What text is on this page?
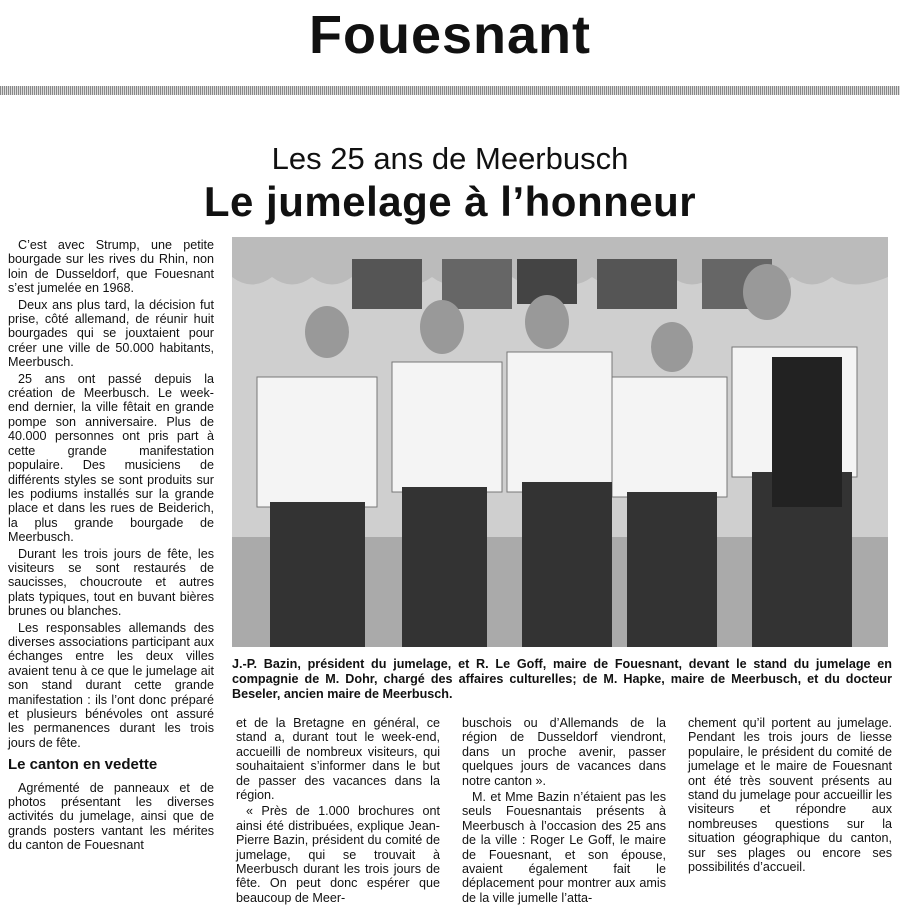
Fouesnant
Les 25 ans de Meerbusch
Le jumelage à l’honneur

C’est avec Strump, une petite bourgade sur les rives du Rhin, non loin de Dusseldorf, que Fouesnant s’est jumelée en 1968.

Deux ans plus tard, la décision fut prise, côté allemand, de réunir huit bourgades qui se jouxtaient pour créer une ville de 50.000 habitants, Meerbusch.

25 ans ont passé depuis la création de Meerbusch. Le week-end dernier, la ville fêtait en grande pompe son anniversaire. Plus de 40.000 personnes ont pris part à cette grande manifestation populaire. Des musiciens de différents styles se sont produits sur les podiums installés sur la grande place et dans les rues de Beiderich, la plus grande bourgade de Meerbusch.

Durant les trois jours de fête, les visiteurs se sont restaurés de saucisses, choucroute et autres plats typiques, tout en buvant bières brunes ou blanches.

Les responsables allemands des diverses associations participant aux échanges entre les deux villes avaient tenu à ce que le jumelage ait son stand durant cette grande manifestation : ils l’ont donc préparé et plusieurs bénévoles ont assuré les permanences durant les trois jours de fête.

Le canton en vedette

Agrémenté de panneaux et de photos présentant les diverses activités du jumelage, ainsi que de grands posters vantant les mérites du canton de Fouesnant

J.-P. Bazin, président du jumelage, et R. Le Goff, maire de Fouesnant, devant le stand du jumelage en compagnie de M. Dohr, chargé des affaires culturelles; de M. Hapke, maire de Meerbusch, et du docteur Beseler, ancien maire de Meerbusch.

et de la Bretagne en général, ce stand a, durant tout le week-end, accueilli de nombreux visiteurs, qui souhaitaient s’informer dans le but de passer des vacances dans la région.

« Près de 1.000 brochures ont ainsi été distribuées, explique Jean-Pierre Bazin, président du comité de jumelage, qui se trouvait à Meerbusch durant les trois jours de fête. On peut donc espérer que beaucoup de Meer-

buschois ou d’Allemands de la région de Dusseldorf viendront, dans un proche avenir, passer quelques jours de vacances dans notre canton ».

M. et Mme Bazin n’étaient pas les seuls Fouesnantais présents à Meerbusch à l’occasion des 25 ans de la ville : Roger Le Goff, le maire de Fouesnant, et son épouse, avaient également fait le déplacement pour montrer aux amis de la ville jumelle l’atta-

chement qu’il portent au jumelage. Pendant les trois jours de liesse populaire, le président du comité de jumelage et le maire de Fouesnant ont été très souvent présents au stand du jumelage pour accueillir les visiteurs et répondre aux nombreuses questions sur la situation géographique du canton, sur ses plages ou encore ses possibilités d’accueil.
